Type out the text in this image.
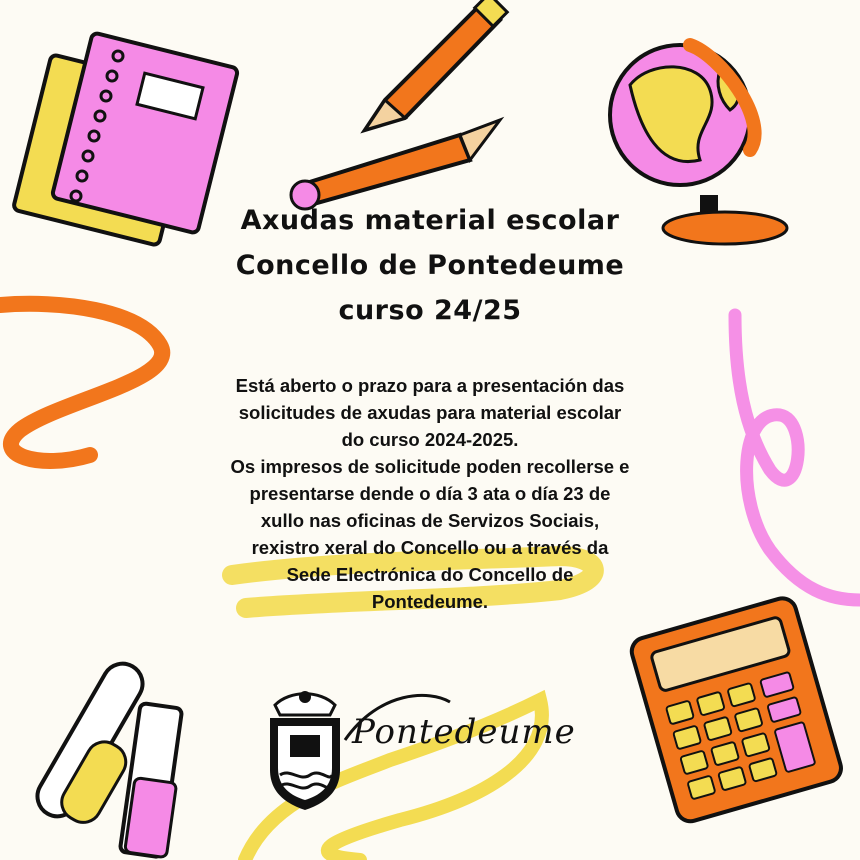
Axudas material escolar
Concello de Pontedeume
curso 24/25
Está aberto o prazo para a presentación das
solicitudes de axudas para material escolar
do curso 2024-2025.
Os impresos de solicitude poden recollerse e
presentarse dende o día 3 ata o día 23 de
xullo nas oficinas de Servizos Sociais,
rexistro xeral do Concello ou a través da
Sede Electrónica do Concello de
Pontedeume.
Pontedeume
